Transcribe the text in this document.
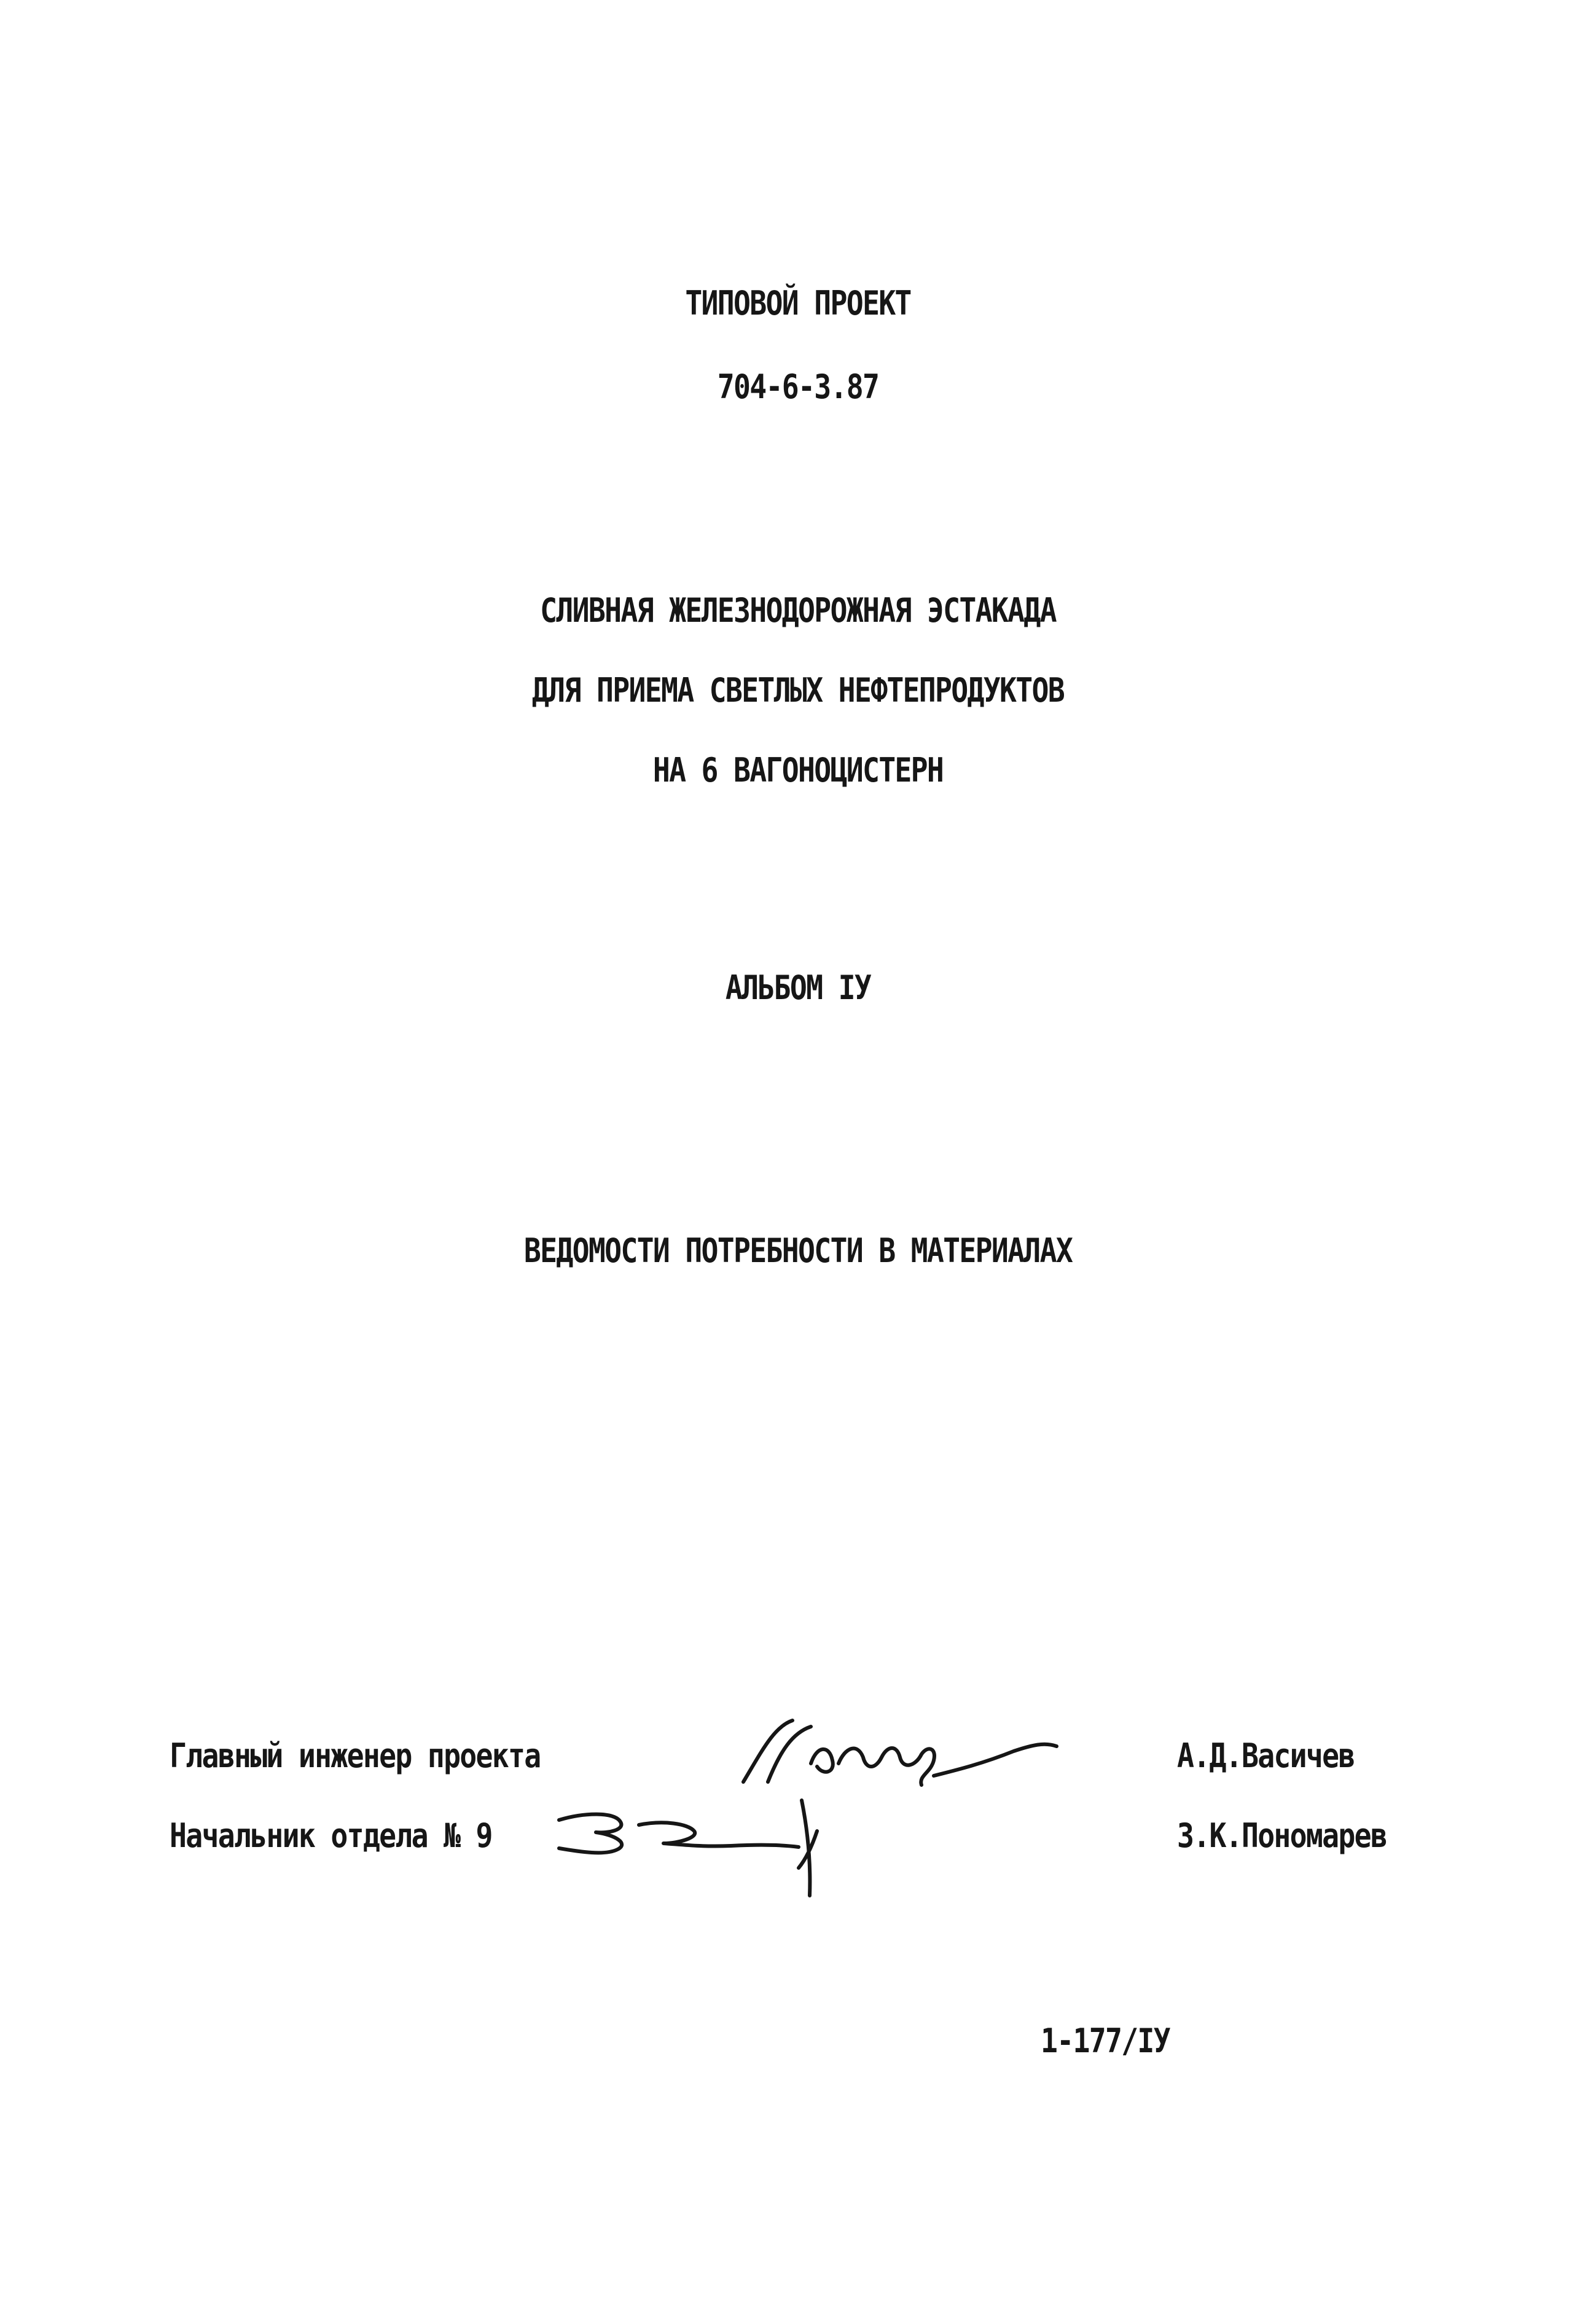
ТИПОВОЙ ПРОЕКТ
704-6-3.87
СЛИВНАЯ ЖЕЛЕЗНОДОРОЖНАЯ ЭСТАКАДА
ДЛЯ ПРИЕМА СВЕТЛЫХ НЕФТЕПРОДУКТОВ
НА 6 ВАГОНОЦИСТЕРН
АЛЬБОМ IУ
ВЕДОМОСТИ ПОТРЕБНОСТИ В МАТЕРИАЛАХ
Главный инженер проекта
Начальник отдела № 9
А.Д.Васичев
З.К.Пономарев
1-177/IУ
